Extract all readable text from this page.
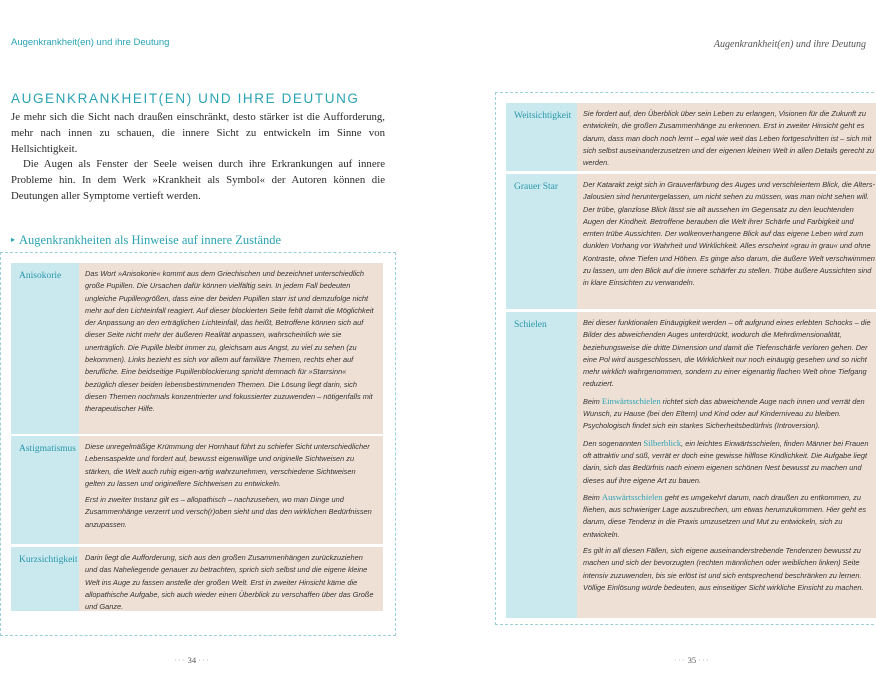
Augenkrankheit(en) und ihre Deutung
AUGENKRANKHEIT(EN) UND IHRE DEUTUNG

Je mehr sich die Sicht nach draußen einschränkt, desto stärker ist die Aufforderung, mehr nach innen zu schauen, die innere Sicht zu entwickeln im Sinne von Hellsichtigkeit.

Die Augen als Fenster der Seele weisen durch ihre Erkrankungen auf innere Probleme hin. In dem Werk »Krankheit als Symbol« der Autoren können die Deutungen aller Symptome vertieft werden.

▸ Augenkrankheiten als Hinweise auf innere Zustände
Anisokorie	Das Wort »Anisokorie« kommt aus dem Griechischen und bezeichnet unterschiedlich große Pupillen. Die Ursachen dafür können vielfältig sein. In jedem Fall bedeuten ungleiche Pupillengrößen, dass eine der beiden Pupillen starr ist und demzufolge nicht mehr auf den Lichteinfall reagiert. Auf dieser blockierten Seite fehlt damit die Möglichkeit der Anpassung an den erträglichen Lichteinfall, das heißt, Betroffene können sich auf dieser Seite nicht mehr der äußeren Realität anpassen, wahrscheinlich wie sie unerträglich. Die Pupille bleibt immer zu, gleichsam aus Angst, zu viel zu sehen (zu bekommen). Links bezieht es sich vor allem auf familiäre Themen, rechts eher auf berufliche. Eine beidseitige Pupillenblockierung spricht demnach für »Starrsinn« bezüglich dieser beiden lebensbestimmenden Themen. Die Lösung liegt darin, sich diesen Themen nochmals konzentrierter und fokussierter zuzuwenden – nötigenfalls mit therapeutischer Hilfe.

Astigmatismus	Diese unregelmäßige Krümmung der Hornhaut führt zu schiefer Sicht unterschiedlicher Lebensaspekte und fordert auf, bewusst eigenwillige und originelle Sichtweisen zu stärken, die Welt auch ruhig eigen-artig wahrzunehmen, verschiedene Sichtweisen gelten zu lassen und originellere Sichtweisen zu entwickeln.

Erst in zweiter Instanz gilt es – allopathisch – nachzusehen, wo man Dinge und Zusammenhänge verzerrt und versch(r)oben sieht und das den wirklichen Bedürfnissen anzupassen.

Kurzsichtigkeit Darin liegt die Aufforderung, sich aus den großen Zusammenhängen zurückzuziehen und das Naheliegende genauer zu betrachten, sprich sich selbst und die eigene kleine Welt ins Auge zu fassen anstelle der großen Welt. Erst in zweiter Hinsicht käme die allopathische Aufgabe, sich auch wieder einen Überblick zu verschaffen über das Große und Ganze.

··· 34 ···
Augenkrankheit(en) und ihre Deutung
Weitsichtigkeit	Sie fordert auf, den Überblick über sein Leben zu erlangen, Visionen für die Zukunft zu entwickeln, die großen Zusammenhänge zu erkennen. Erst in zweiter Hinsicht geht es darum, dass man doch noch lernt – egal wie weit das Leben fortgeschritten ist – sich mit sich selbst auseinanderzusetzen und der eigenen kleinen Welt in allen Details gerecht zu werden.

Grauer Star	Der Katarakt zeigt sich in Grauverfärbung des Auges und verschleiertem Blick, die Alters-Jalousien sind heruntergelassen, um nicht sehen zu müssen, was man nicht sehen will. Der trübe, glanzlose Blick lässt sie alt aussehen im Gegensatz zu den leuchtenden Augen der Kindheit. Betroffene berauben die Welt ihrer Schärfe und Farbigkeit und ernten trübe Aussichten. Der wolkenverhangene Blick auf das eigene Leben wird zum dunklen Vorhang vor Wahrheit und Wirklichkeit. Alles erscheint »grau in grau« und ohne Kontraste, ohne Tiefen und Höhen. Es ginge also darum, die äußere Welt verschwimmen zu lassen, um den Blick auf die innere schärfer zu stellen. Trübe äußere Aussichten sind in klare Einsichten zu verwandeln.

Schielen	Bei dieser funktionalen Einäugigkeit werden – oft aufgrund eines erlebten Schocks – die Bilder des abweichenden Auges unterdrückt, wodurch die Mehrdimensionalität, beziehungsweise die dritte Dimension und damit die Tiefenschärfe verloren gehen. Der eine Pol wird ausgeschlossen, die Wirklichkeit nur noch einäugig gesehen und so nicht mehr wirklich wahrgenommen, sondern zu einer eigenartig flachen Welt ohne Tiefgang reduziert.

Beim Einwärtsschielen richtet sich das abweichende Auge nach innen und verrät den Wunsch, zu Hause (bei den Eltern) und Kind oder auf Kinderniveau zu bleiben. Psychologisch findet sich ein starkes Sicherheitsbedürfnis (Introversion).

Den sogenannten Silberblick, ein leichtes Einwärtsschielen, finden Männer bei Frauen oft attraktiv und süß, verrät er doch eine gewisse hilflose Kindlichkeit. Die Aufgabe liegt darin, sich das Bedürfnis nach einem eigenen schönen Nest bewusst zu machen und dieses auf ihre eigene Art zu bauen.

Beim Auswärtsschielen geht es umgekehrt darum, nach draußen zu entkommen, zu fliehen, aus schwieriger Lage auszubrechen, um etwas herumzukommen. Hier geht es darum, diese Tendenz in die Praxis umzusetzen und Mut zu entwickeln, sich zu entwickeln.

Es gilt in all diesen Fällen, sich eigene auseinanderstrebende Tendenzen bewusst zu machen und sich der bevorzugten (rechten männlichen oder weiblichen linken) Seite intensiv zuzuwenden, bis sie erlöst ist und sich entsprechend beschränken zu lernen. Völlige Einlösung würde bedeuten, aus einseitiger Sicht wirkliche Einsicht zu machen.

··· 35 ···
